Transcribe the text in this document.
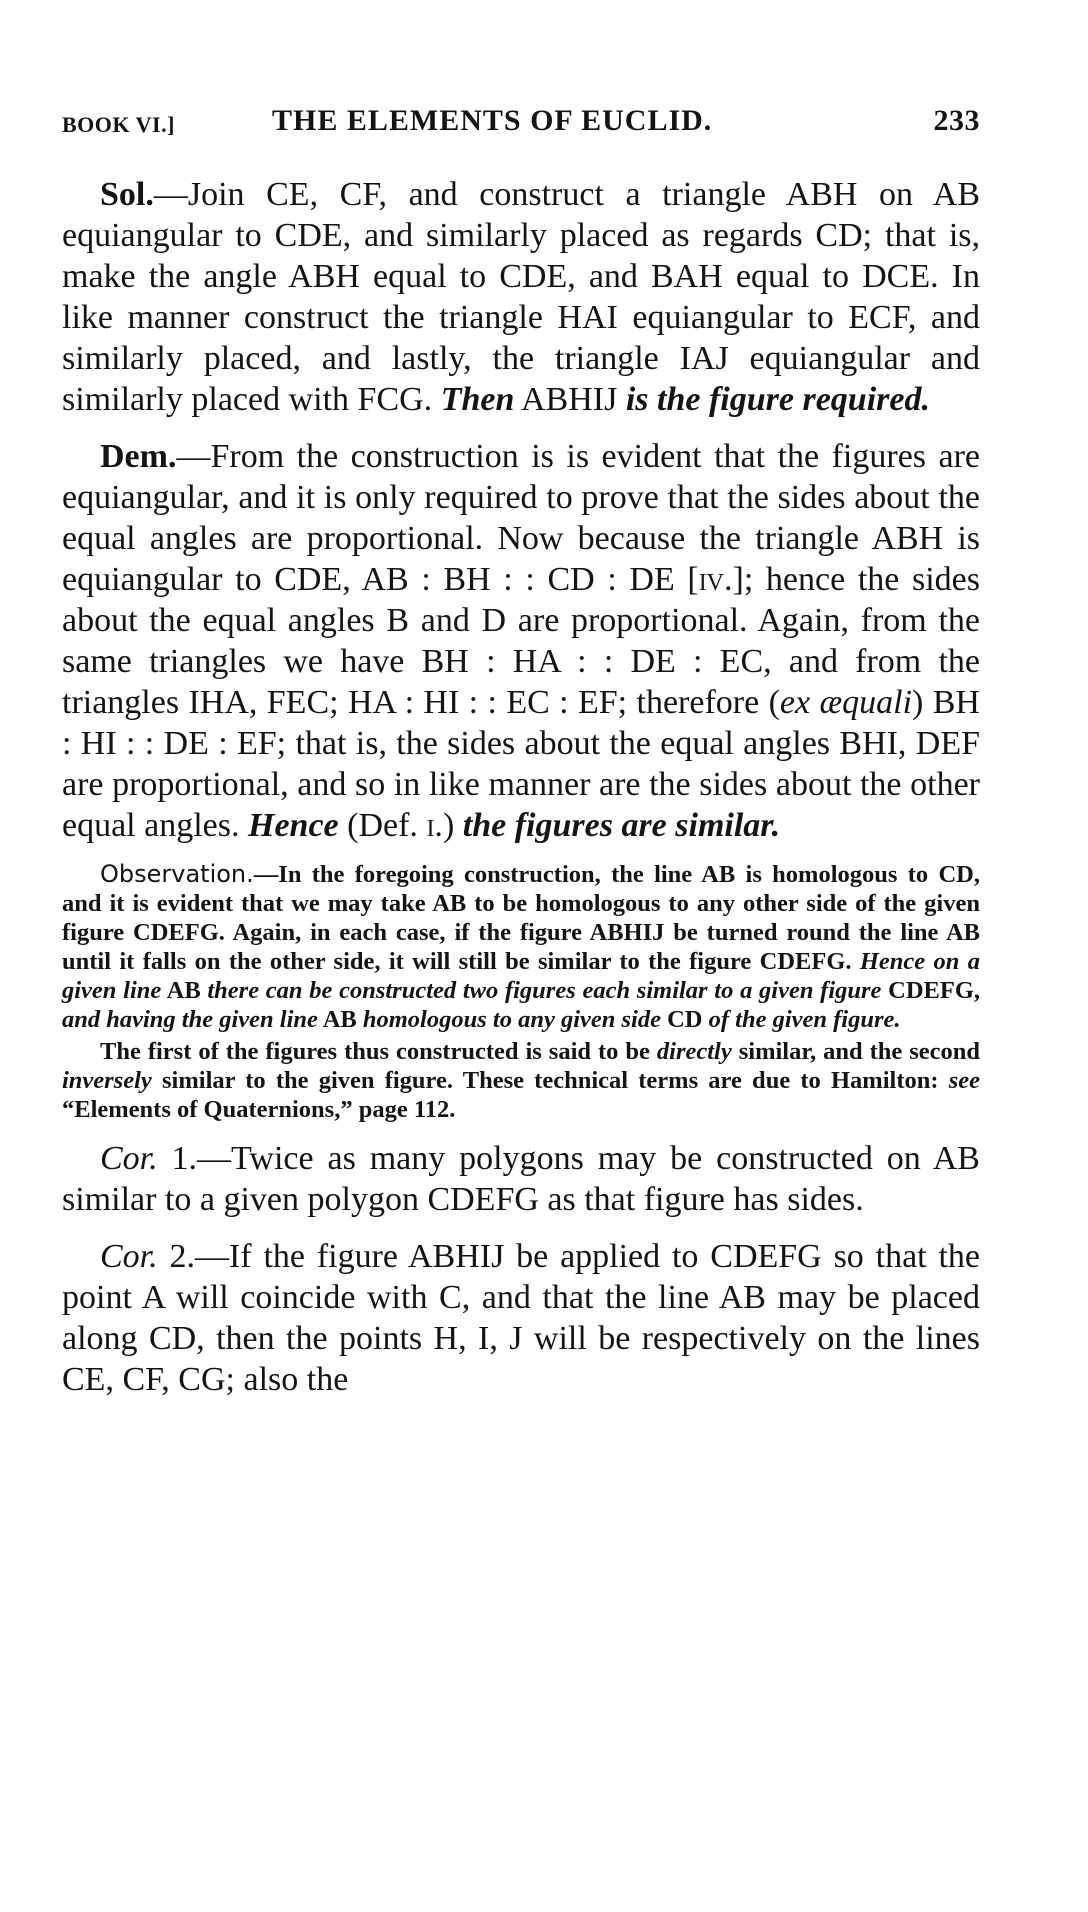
BOOK VI.]	THE ELEMENTS OF EUCLID.	233

Sol.—Join CE, CF, and construct a triangle ABH on AB equiangular to CDE, and similarly placed as regards CD; that is, make the angle ABH equal to CDE, and BAH equal to DCE. In like manner construct the triangle HAI equiangular to ECF, and similarly placed, and lastly, the triangle IAJ equiangular and similarly placed with FCG. Then ABHIJ is the figure required.

Dem.—From the construction is is evident that the figures are equiangular, and it is only required to prove that the sides about the equal angles are proportional. Now because the triangle ABH is equiangular to CDE, AB : BH : : CD : DE [iv.]; hence the sides about the equal angles B and D are proportional. Again, from the same triangles we have BH : HA : : DE : EC, and from the triangles IHA, FEC; HA : HI : : EC : EF; therefore (ex æquali) BH : HI : : DE : EF; that is, the sides about the equal angles BHI, DEF are proportional, and so in like manner are the sides about the other equal angles. Hence (Def. i.) the figures are similar.

Observation.—In the foregoing construction, the line AB is homologous to CD, and it is evident that we may take AB to be homologous to any other side of the given figure CDEFG. Again, in each case, if the figure ABHIJ be turned round the line AB until it falls on the other side, it will still be similar to the figure CDEFG. Hence on a given line AB there can be constructed two figures each similar to a given figure CDEFG, and having the given line AB homologous to any given side CD of the given figure.

The first of the figures thus constructed is said to be directly similar, and the second inversely similar to the given figure. These technical terms are due to Hamilton: see “Elements of Quaternions,” page 112.

Cor. 1.—Twice as many polygons may be constructed on AB similar to a given polygon CDEFG as that figure has sides.

Cor. 2.—If the figure ABHIJ be applied to CDEFG so that the point A will coincide with C, and that the line AB may be placed along CD, then the points H, I, J will be respectively on the lines CE, CF, CG; also the
